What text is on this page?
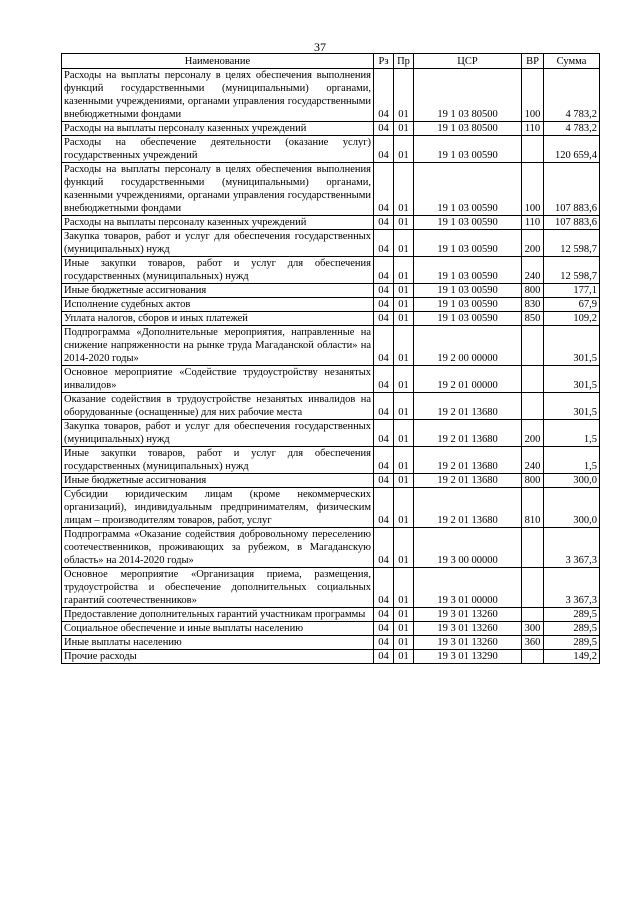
37
Наименование	Рз	Пр	ЦСР	ВР	Сумма
Расходы на выплаты персоналу в целях обеспечения выполнения функций государственными (муниципальными) органами, казенными учреждениями, органами управления государственными внебюджетными фондами	04	01	19 1 03 80500	100	4 783,2
Расходы на выплаты персоналу казенных учреждений	04	01	19 1 03 80500	110	4 783,2
Расходы на обеспечение деятельности (оказание услуг) государственных учреждений	04	01	19 1 03 00590		120 659,4
Расходы на выплаты персоналу в целях обеспечения выполнения функций государственными (муниципальными) органами, казенными учреждениями, органами управления государственными внебюджетными фондами	04	01	19 1 03 00590	100	107 883,6
Расходы на выплаты персоналу казенных учреждений	04	01	19 1 03 00590	110	107 883,6
Закупка товаров, работ и услуг для обеспечения государственных (муниципальных) нужд	04	01	19 1 03 00590	200	12 598,7
Иные закупки товаров, работ и услуг для обеспечения государственных (муниципальных) нужд	04	01	19 1 03 00590	240	12 598,7
Иные бюджетные ассигнования	04	01	19 1 03 00590	800	177,1
Исполнение судебных актов	04	01	19 1 03 00590	830	67,9
Уплата налогов, сборов и иных платежей	04	01	19 1 03 00590	850	109,2
Подпрограмма «Дополнительные мероприятия, направленные на снижение напряженности на рынке труда Магаданской области» на 2014-2020 годы»	04	01	19 2 00 00000		301,5
Основное мероприятие «Содействие трудоустройству незанятых инвалидов»	04	01	19 2 01 00000		301,5
Оказание содействия в трудоустройстве незанятых инвалидов на оборудованные (оснащенные) для них рабочие места	04	01	19 2 01 13680		301,5
Закупка товаров, работ и услуг для обеспечения государственных (муниципальных) нужд	04	01	19 2 01 13680	200	1,5
Иные закупки товаров, работ и услуг для обеспечения государственных (муниципальных) нужд	04	01	19 2 01 13680	240	1,5
Иные бюджетные ассигнования	04	01	19 2 01 13680	800	300,0
Субсидии юридическим лицам (кроме некоммерческих организаций), индивидуальным предпринимателям, физическим лицам – производителям товаров, работ, услуг	04	01	19 2 01 13680	810	300,0
Подпрограмма «Оказание содействия добровольному переселению соотечественников, проживающих за рубежом, в Магаданскую область» на 2014-2020 годы»	04	01	19 3 00 00000		3 367,3
Основное мероприятие «Организация приема, размещения, трудоустройства и обеспечение дополнительных социальных гарантий соотечественников»	04	01	19 3 01 00000		3 367,3
Предоставление дополнительных гарантий участникам программы	04	01	19 3 01 13260		289,5
Социальное обеспечение и иные выплаты населению	04	01	19 3 01 13260	300	289,5
Иные выплаты населению	04	01	19 3 01 13260	360	289,5
Прочие расходы	04	01	19 3 01 13290		149,2
